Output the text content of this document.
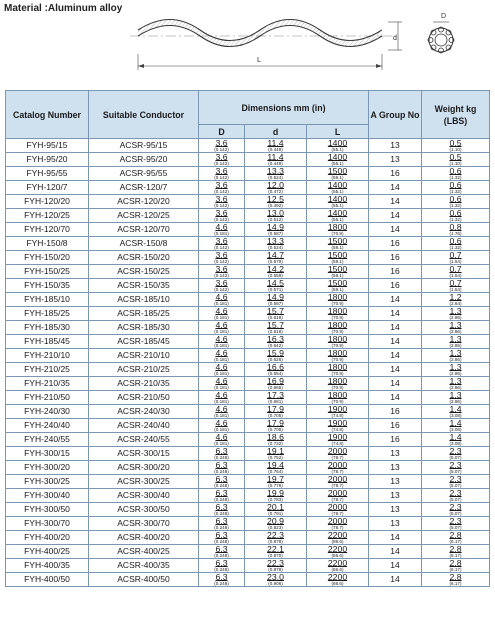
Material :Aluminum alloy
d
L
D
Catalog Number	Suitable Conductor	Dimensions mm (in)			A Group No	Weight kg (LBS)
		D	d	L		
FYH-95/15	ACSR-95/15	3.6
(0.142)	11.4
(0.449)	1400
(55.1)	13	0.5
(1.10)

FYH-95/20	ACSR-95/20	3.6
(0.142)	11.4
(0.449)	1400
(55.1)	13	0.5
(1.10)

FYH-95/55	ACSR-95/55	3.6
(0.142)	13.3
(0.524)	1500
(59.1)	16	0.6
(1.32)

FYH-120/7	ACSR-120/7	3.6
(0.142)	12.0
(0.472)	1400
(55.1)	14	0.6
(1.32)

FYH-120/20	ACSR-120/20	3.6
(0.142)	12.5
(0.492)	1400
(55.1)	14	0.6
(1.32)

FYH-120/25	ACSR-120/25	3.6
(0.142)	13.0
(0.512)	1400
(55.1)	14	0.6
(1.32)

FYH-120/70	ACSR-120/70	4.6
(0.181)	14.9
(0.587)	1800
(70.9)	14	0.8
(1.76)

FYH-150/8	ACSR-150/8	3.6
(0.142)	13.3
(0.524)	1500
(59.1)	16	0.6
(1.32)

FYH-150/20	ACSR-150/20	3.6
(0.142)	14.7
(0.579)	1500
(59.1)	16	0.7
(1.54)

FYH-150/25	ACSR-150/25	3.6
(0.142)	14.2
(0.559)	1500
(59.1)	16	0.7
(1.54)

FYH-150/35	ACSR-150/35	3.6
(0.142)	14.5
(0.571)	1500
(59.1)	16	0.7
(1.54)

FYH-185/10	ACSR-185/10	4.6
(0.181)	14.9
(0.587)	1800
(70.9)	14	1.2
(2.64)

FYH-185/25	ACSR-185/25	4.6
(0.181)	15.7
(0.618)	1800
(70.9)	14	1.3
(2.86)

FYH-185/30	ACSR-185/30	4.6
(0.181)	15.7
(0.618)	1800
(70.9)	14	1.3
(2.86)

FYH-185/45	ACSR-185/45	4.6
(0.181)	16.3
(0.642)	1800
(70.9)	14	1.3
(2.86)

FYH-210/10	ACSR-210/10	4.6
(0.181)	15.9
(0.626)	1800
(70.9)	14	1.3
(2.86)

FYH-210/25	ACSR-210/25	4.6
(0.181)	16.6
(0.654)	1800
(70.9)	14	1.3
(2.86)

FYH-210/35	ACSR-210/35	4.6
(0.181)	16.9
(0.665)	1800
(70.9)	14	1.3
(2.86)

FYH-210/50	ACSR-210/50	4.6
(0.181)	17.3
(0.681)	1800
(70.9)	14	1.3
(2.86)

FYH-240/30	ACSR-240/30	4.6
(0.181)	17.9
(0.705)	1900
(74.8)	16	1.4
(3.08)

FYH-240/40	ACSR-240/40	4.6
(0.181)	17.9
(0.705)	1900
(74.8)	16	1.4
(3.08)

FYH-240/55	ACSR-240/55	4.6
(0.181)	18.6
(0.732)	1900
(74.8)	16	1.4
(3.08)

FYH-300/15	ACSR-300/15	6.3
(0.248)	19.1
(0.752)	2000
(78.7)	13	2.3
(5.07)

FYH-300/20	ACSR-300/20	6.3
(0.248)	19.4
(0.764)	2000
(78.7)	13	2.3
(5.07)

FYH-300/25	ACSR-300/25	6.3
(0.248)	19.7
(0.776)	2000
(78.7)	13	2.3
(5.07)

FYH-300/40	ACSR-300/40	6.3
(0.248)	19.9
(0.783)	2000
(78.7)	13	2.3
(5.07)

FYH-300/50	ACSR-300/50	6.3
(0.248)	20.1
(0.791)	2000
(78.7)	13	2.3
(5.07)

FYH-300/70	ACSR-300/70	6.3
(0.248)	20.9
(0.823)	2000
(78.7)	13	2.3
(5.07)

FYH-400/20	ACSR-400/20	6.3
(0.248)	22.3
(0.878)	2200
(86.6)	14	2.8
(6.17)

FYH-400/25	ACSR-400/25	6.3
(0.248)	22.1
(0.870)	2200
(86.6)	14	2.8
(6.17)

FYH-400/35	ACSR-400/35	6.3
(0.248)	22.3
(0.878)	2200
(86.6)	14	2.8
(6.17)

FYH-400/50	ACSR-400/50	6.3
(0.248)	23.0
(0.906)	2200
(86.6)	14	2.8
(6.17)
